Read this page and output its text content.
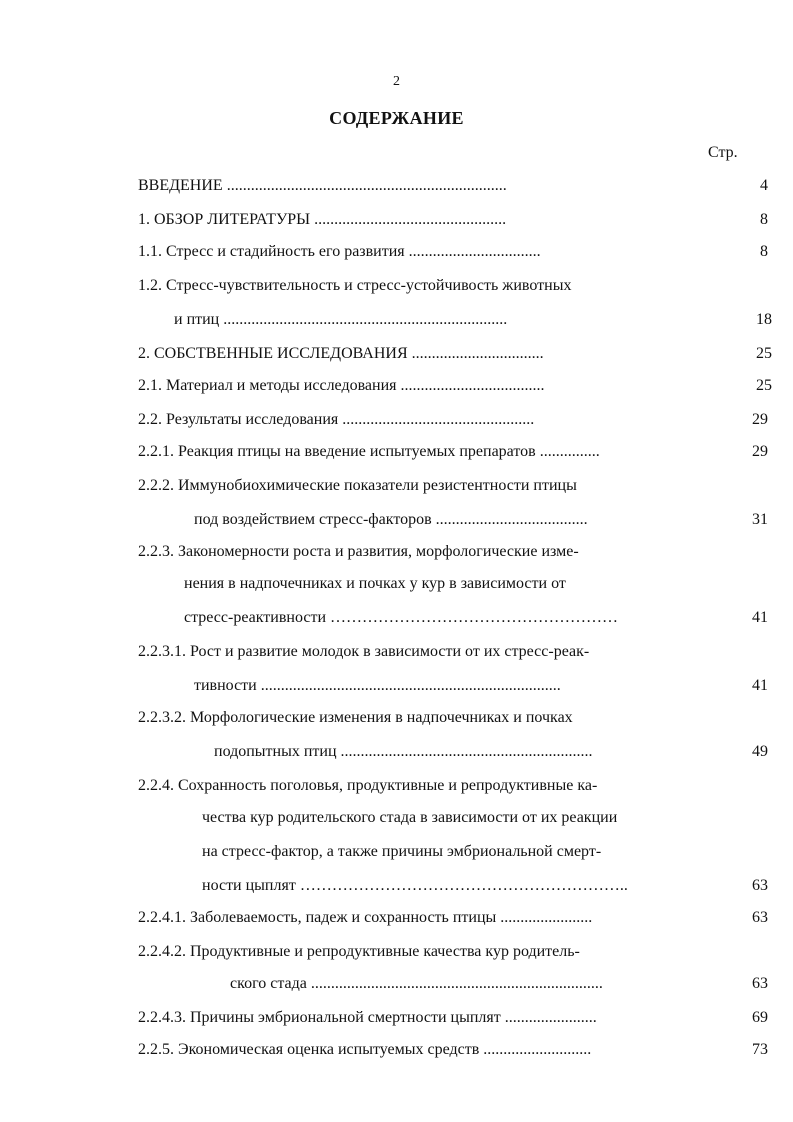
2
СОДЕРЖАНИЕ
Стр.
ВВЕДЕНИЕ ......................................................................	4
1. ОБЗОР ЛИТЕРАТУРЫ ................................................	8
1.1. Стресс и стадийность его развития .................................	8
1.2. Стресс-чувствительность и стресс-устойчивость животных
и птиц .......................................................................	18
2. СОБСТВЕННЫЕ ИССЛЕДОВАНИЯ .................................	25
2.1. Материал и методы исследования ....................................	25
2.2. Результаты исследования ................................................	29
2.2.1. Реакция птицы на введение испытуемых препаратов ...............	29
2.2.2. Иммунобиохимические показатели резистентности птицы
под воздействием стресс-факторов ......................................	31
2.2.3. Закономерности роста и развития, морфологические изме-
нения в надпочечниках и почках у кур в зависимости от
стресс-реактивности ………………………………………………	41
2.2.3.1. Рост и развитие молодок в зависимости от их стресс-реак-
тивности ...........................................................................	41
2.2.3.2. Морфологические изменения в надпочечниках и почках
подопытных птиц ...............................................................	49
2.2.4. Сохранность поголовья, продуктивные и репродуктивные ка-
чества кур родительского стада в зависимости от их реакции
на стресс-фактор, а также причины эмбриональной смерт-
ности цыплят ……………………………………………………..	63
2.2.4.1. Заболеваемость, падеж и сохранность птицы .......................	63
2.2.4.2. Продуктивные и репродуктивные качества кур родитель-
ского стада .........................................................................	63
2.2.4.3. Причины эмбриональной смертности цыплят .......................	69
2.2.5. Экономическая оценка испытуемых средств ...........................	73
